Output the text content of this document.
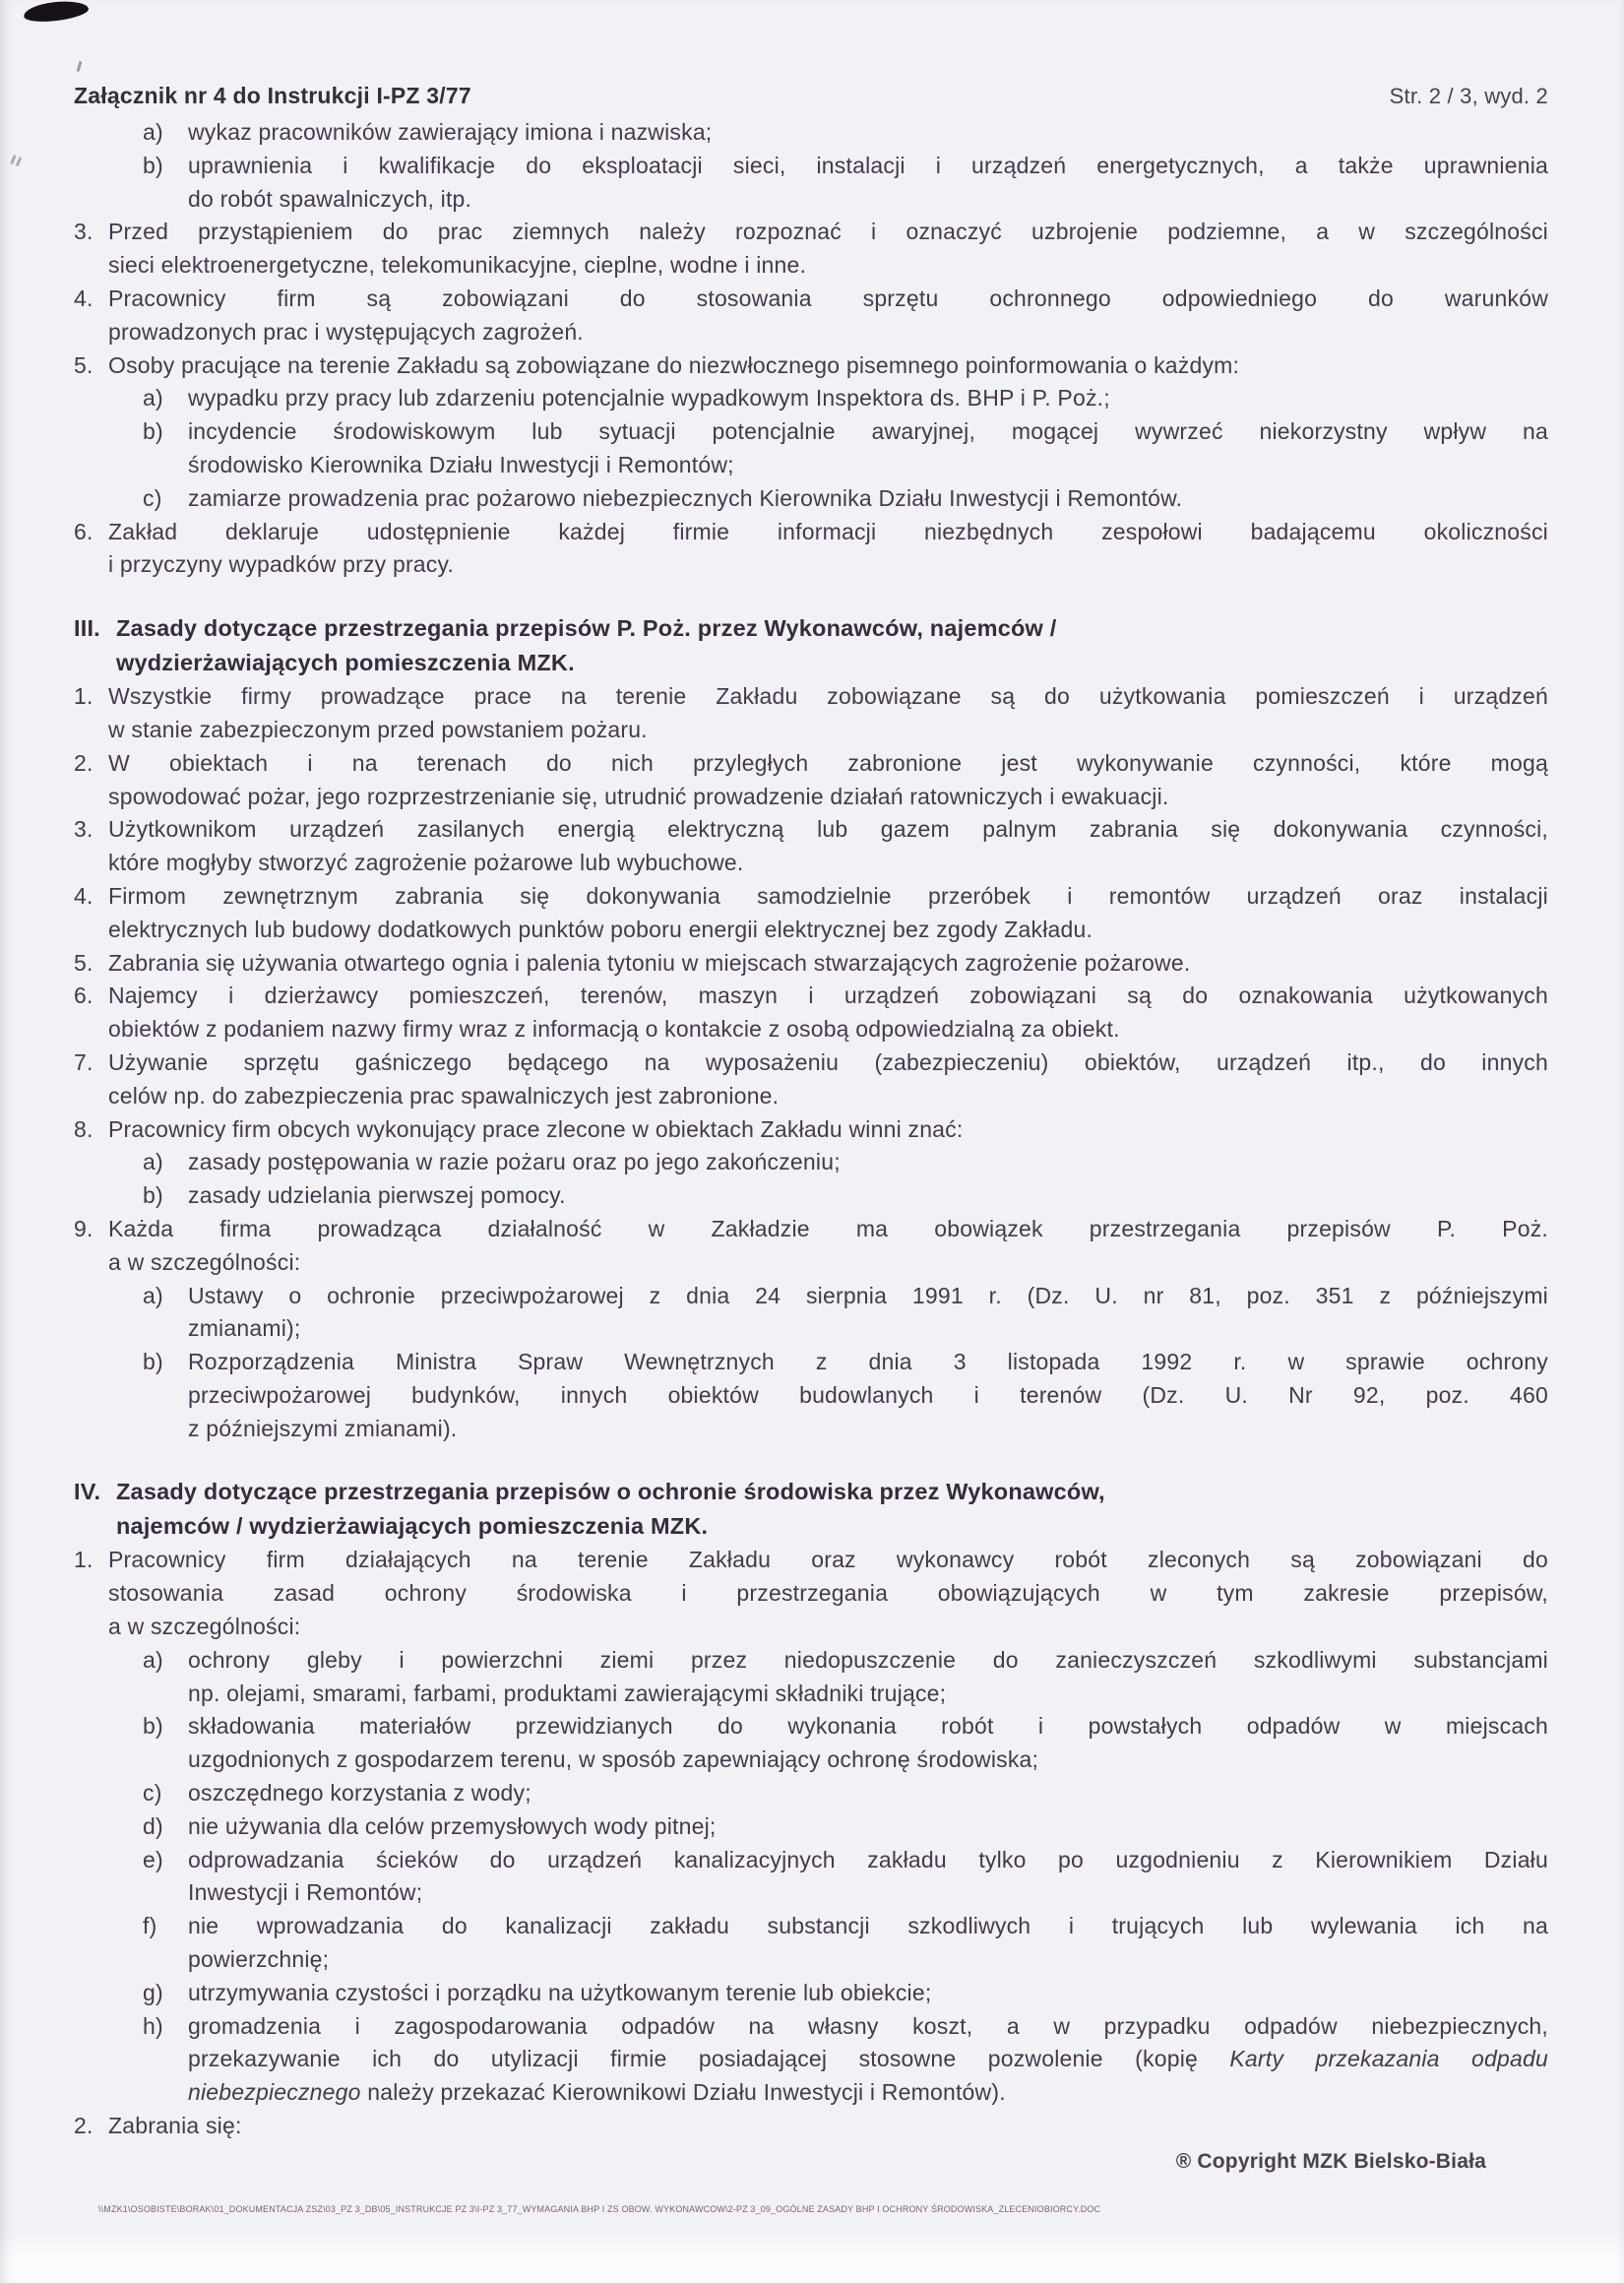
Załącznik nr 4 do Instrukcji I-PZ 3/77	Str. 2 / 3, wyd. 2
a) wykaz pracowników zawierający imiona i nazwiska;
b) uprawnienia i kwalifikacje do eksploatacji sieci, instalacji i urządzeń energetycznych, a także uprawnienia
do robót spawalniczych, itp.
3. Przed przystąpieniem do prac ziemnych należy rozpoznać i oznaczyć uzbrojenie podziemne, a w szczególności
sieci elektroenergetyczne, telekomunikacyjne, cieplne, wodne i inne.
4. Pracownicy firm są zobowiązani do stosowania sprzętu ochronnego odpowiedniego do warunków
prowadzonych prac i występujących zagrożeń.
5. Osoby pracujące na terenie Zakładu są zobowiązane do niezwłocznego pisemnego poinformowania o każdym:
a) wypadku przy pracy lub zdarzeniu potencjalnie wypadkowym Inspektora ds. BHP i P. Poż.;
b) incydencie środowiskowym lub sytuacji potencjalnie awaryjnej, mogącej wywrzeć niekorzystny wpływ na
środowisko Kierownika Działu Inwestycji i Remontów;
c) zamiarze prowadzenia prac pożarowo niebezpiecznych Kierownika Działu Inwestycji i Remontów.
6. Zakład deklaruje udostępnienie każdej firmie informacji niezbędnych zespołowi badającemu okoliczności
i przyczyny wypadków przy pracy.
III. Zasady dotyczące przestrzegania przepisów P. Poż. przez Wykonawców, najemców /
wydzierżawiających pomieszczenia MZK.
1. Wszystkie firmy prowadzące prace na terenie Zakładu zobowiązane są do użytkowania pomieszczeń i urządzeń
w stanie zabezpieczonym przed powstaniem pożaru.
2. W obiektach i na terenach do nich przyległych zabronione jest wykonywanie czynności, które mogą
spowodować pożar, jego rozprzestrzenianie się, utrudnić prowadzenie działań ratowniczych i ewakuacji.
3. Użytkownikom urządzeń zasilanych energią elektryczną lub gazem palnym zabrania się dokonywania czynności,
które mogłyby stworzyć zagrożenie pożarowe lub wybuchowe.
4. Firmom zewnętrznym zabrania się dokonywania samodzielnie przeróbek i remontów urządzeń oraz instalacji
elektrycznych lub budowy dodatkowych punktów poboru energii elektrycznej bez zgody Zakładu.
5. Zabrania się używania otwartego ognia i palenia tytoniu w miejscach stwarzających zagrożenie pożarowe.
6. Najemcy i dzierżawcy pomieszczeń, terenów, maszyn i urządzeń zobowiązani są do oznakowania użytkowanych
obiektów z podaniem nazwy firmy wraz z informacją o kontakcie z osobą odpowiedzialną za obiekt.
7. Używanie sprzętu gaśniczego będącego na wyposażeniu (zabezpieczeniu) obiektów, urządzeń itp., do innych
celów np. do zabezpieczenia prac spawalniczych jest zabronione.
8. Pracownicy firm obcych wykonujący prace zlecone w obiektach Zakładu winni znać:
a) zasady postępowania w razie pożaru oraz po jego zakończeniu;
b) zasady udzielania pierwszej pomocy.
9. Każda firma prowadząca działalność w Zakładzie ma obowiązek przestrzegania przepisów P. Poż.
a w szczególności:
a) Ustawy o ochronie przeciwpożarowej z dnia 24 sierpnia 1991 r. (Dz. U. nr 81, poz. 351 z późniejszymi
zmianami);
b) Rozporządzenia Ministra Spraw Wewnętrznych z dnia 3 listopada 1992 r. w sprawie ochrony
przeciwpożarowej budynków, innych obiektów budowlanych i terenów (Dz. U. Nr 92, poz. 460
z późniejszymi zmianami).
IV. Zasady dotyczące przestrzegania przepisów o ochronie środowiska przez Wykonawców,
najemców / wydzierżawiających pomieszczenia MZK.
1. Pracownicy firm działających na terenie Zakładu oraz wykonawcy robót zleconych są zobowiązani do
stosowania zasad ochrony środowiska i przestrzegania obowiązujących w tym zakresie przepisów,
a w szczególności:
a) ochrony gleby i powierzchni ziemi przez niedopuszczenie do zanieczyszczeń szkodliwymi substancjami
np. olejami, smarami, farbami, produktami zawierającymi składniki trujące;
b) składowania materiałów przewidzianych do wykonania robót i powstałych odpadów w miejscach
uzgodnionych z gospodarzem terenu, w sposób zapewniający ochronę środowiska;
c) oszczędnego korzystania z wody;
d) nie używania dla celów przemysłowych wody pitnej;
e) odprowadzania ścieków do urządzeń kanalizacyjnych zakładu tylko po uzgodnieniu z Kierownikiem Działu
Inwestycji i Remontów;
f) nie wprowadzania do kanalizacji zakładu substancji szkodliwych i trujących lub wylewania ich na
powierzchnię;
g) utrzymywania czystości i porządku na użytkowanym terenie lub obiekcie;
h) gromadzenia i zagospodarowania odpadów na własny koszt, a w przypadku odpadów niebezpiecznych,
przekazywanie ich do utylizacji firmie posiadającej stosowne pozwolenie (kopię Karty przekazania odpadu
niebezpiecznego należy przekazać Kierownikowi Działu Inwestycji i Remontów).
2. Zabrania się:
® Copyright MZK Bielsko-Biała
\\MZK1\OSOBISTE\BORAK\01_DOKUMENTACJA ZSZ\03_PZ 3_DB\05_INSTRUKCJE PZ 3\I-PZ 3_77_WYMAGANIA BHP I ZS OBOW. WYKONAWCOW\2-PZ 3_09_OGÓLNE ZASADY BHP I OCHRONY ŚRODOWISKA_ZLECENIOBIORCY.DOC
